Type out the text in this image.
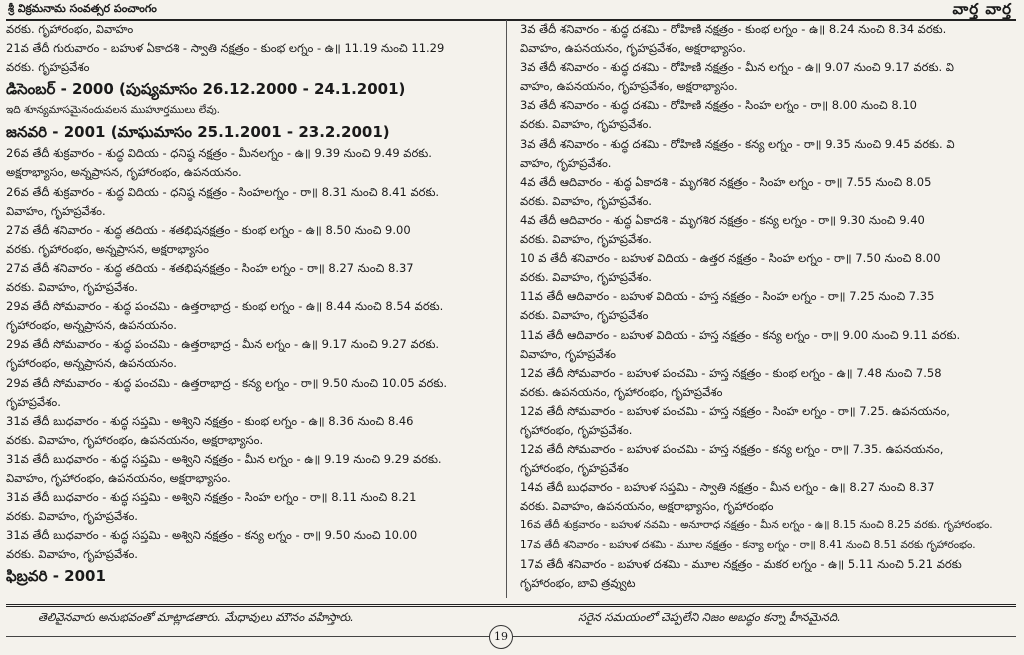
శ్రీ విక్రమనామ సంవత్సర పంచాంగం	వార్త వార్త
వరకు. గృహారంభం, వివాహం
21వ తేదీ గురువారం - బహుళ ఏకాదశి - స్వాతి నక్షత్రం - కుంభ లగ్నం - ఉ॥ 11.19 నుంచి 11.29
వరకు. గృహప్రవేశం
డిసెంబర్ - 2000 (పుష్యమాసం 26.12.2000 - 24.1.2001)
ఇది శూన్యమాసమైనందువలన ముహూర్తములు లేవు.
జనవరి - 2001 (మాఘమాసం 25.1.2001 - 23.2.2001)
26వ తేదీ శుక్రవారం - శుద్ధ విదియ - ధనిష్ఠ నక్షత్రం - మీనలగ్నం - ఉ॥ 9.39 నుంచి 9.49 వరకు.
అక్షరాభ్యాసం, అన్నప్రాసన, గృహారంభం, ఉపనయనం.
26వ తేదీ శుక్రవారం - శుద్ధ విదియ - ధనిష్ఠ నక్షత్రం - సింహలగ్నం - రా॥ 8.31 నుంచి 8.41 వరకు.
వివాహం, గృహప్రవేశం.
27వ తేదీ శనివారం - శుద్ధ తదియ - శతభిషనక్షత్రం - కుంభ లగ్నం - ఉ॥ 8.50 నుంచి 9.00
వరకు. గృహారంభం, అన్నప్రాసన, అక్షరాభ్యాసం
27వ తేదీ శనివారం - శుద్ధ తదియ - శతభిషనక్షత్రం - సింహ లగ్నం - రా॥ 8.27 నుంచి 8.37
వరకు. వివాహం, గృహప్రవేశం.
29వ తేదీ సోమవారం - శుద్ధ పంచమి - ఉత్తరాభాద్ర - కుంభ లగ్నం - ఉ॥ 8.44 నుంచి 8.54 వరకు.
గృహారంభం, అన్నప్రాసన, ఉపనయనం.
29వ తేదీ సోమవారం - శుద్ధ పంచమి - ఉత్తరాభాద్ర - మీన లగ్నం - ఉ॥ 9.17 నుంచి 9.27 వరకు.
గృహారంభం, అన్నప్రాసన, ఉపనయనం.
29వ తేదీ సోమవారం - శుద్ధ పంచమి - ఉత్తరాభాద్ర - కన్య లగ్నం - రా॥ 9.50 నుంచి 10.05 వరకు.
గృహప్రవేశం.
31వ తేదీ బుధవారం - శుద్ధ సప్తమి - అశ్విని నక్షత్రం - కుంభ లగ్నం - ఉ॥ 8.36 నుంచి 8.46
వరకు. వివాహం, గృహారంభం, ఉపనయనం, అక్షరాభ్యాసం.
31వ తేదీ బుధవారం - శుద్ధ సప్తమి - అశ్విని నక్షత్రం - మీన లగ్నం - ఉ॥ 9.19 నుంచి 9.29 వరకు.
వివాహం, గృహారంభం, ఉపనయనం, అక్షరాభ్యాసం.
31వ తేదీ బుధవారం - శుద్ధ సప్తమి - అశ్విని నక్షత్రం - సింహ లగ్నం - రా॥ 8.11 నుంచి 8.21
వరకు. వివాహం, గృహప్రవేశం.
31వ తేదీ బుధవారం - శుద్ధ సప్తమి - అశ్విని నక్షత్రం - కన్య లగ్నం - రా॥ 9.50 నుంచి 10.00
వరకు. వివాహం, గృహప్రవేశం.
ఫిబ్రవరి - 2001
3వ తేదీ శనివారం - శుద్ధ దశమి - రోహిణి నక్షత్రం - కుంభ లగ్నం - ఉ॥ 8.24 నుంచి 8.34 వరకు.
వివాహం, ఉపనయనం, గృహప్రవేశం, అక్షరాభ్యాసం.
3వ తేదీ శనివారం - శుద్ధ దశమి - రోహిణి నక్షత్రం - మీన లగ్నం - ఉ॥ 9.07 నుంచి 9.17 వరకు. వి
వాహం, ఉపనయనం, గృహప్రవేశం, అక్షరాభ్యాసం.
3వ తేదీ శనివారం - శుద్ధ దశమి - రోహిణి నక్షత్రం - సింహ లగ్నం - రా॥ 8.00 నుంచి 8.10
వరకు. వివాహం, గృహప్రవేశం.
3వ తేదీ శనివారం - శుద్ధ దశమి - రోహిణి నక్షత్రం - కన్య లగ్నం - రా॥ 9.35 నుంచి 9.45 వరకు. వి
వాహం, గృహప్రవేశం.
4వ తేదీ ఆదివారం - శుద్ధ ఏకాదశి - మృగశిర నక్షత్రం - సింహ లగ్నం - రా॥ 7.55 నుంచి 8.05
వరకు. వివాహం, గృహప్రవేశం.
4వ తేదీ ఆదివారం - శుద్ధ ఏకాదశి - మృగశిర నక్షత్రం - కన్య లగ్నం - రా॥ 9.30 నుంచి 9.40
వరకు. వివాహం, గృహప్రవేశం.
10 వ తేదీ శనివారం - బహుళ విదియ - ఉత్తర నక్షత్రం - సింహ లగ్నం - రా॥ 7.50 నుంచి 8.00
వరకు. వివాహం, గృహప్రవేశం.
11వ తేదీ ఆదివారం - బహుళ విదియ - హస్త నక్షత్రం - సింహ లగ్నం - రా॥ 7.25 నుంచి 7.35
వరకు. వివాహం, గృహప్రవేశం
11వ తేదీ ఆదివారం - బహుళ విదియ - హస్త నక్షత్రం - కన్య లగ్నం - రా॥ 9.00 నుంచి 9.11 వరకు.
వివాహం, గృహప్రవేశం
12వ తేదీ సోమవారం - బహుళ పంచమి - హస్త నక్షత్రం - కుంభ లగ్నం - ఉ॥ 7.48 నుంచి 7.58
వరకు. ఉపనయనం, గృహారంభం, గృహప్రవేశం
12వ తేదీ సోమవారం - బహుళ పంచమి - హస్త నక్షత్రం - సింహ లగ్నం - రా॥ 7.25. ఉపనయనం,
గృహారంభం, గృహప్రవేశం.
12వ తేదీ సోమవారం - బహుళ పంచమి - హస్త నక్షత్రం - కన్య లగ్నం - రా॥ 7.35. ఉపనయనం,
గృహారంభం, గృహప్రవేశం
14వ తేదీ బుధవారం - బహుళ సప్తమి - స్వాతి నక్షత్రం - మీన లగ్నం - ఉ॥ 8.27 నుంచి 8.37
వరకు. వివాహం, ఉపనయనం, అక్షరాభ్యాసం, గృహారంభం
16వ తేదీ శుక్రవారం - బహుళ నవమి - అనూరాధ నక్షత్రం - మీన లగ్నం - ఉ॥ 8.15 నుంచి 8.25 వరకు. గృహారంభం.
17వ తేదీ శనివారం - బహుళ దశమి - మూల నక్షత్రం - కన్యా లగ్నం - రా॥ 8.41 నుంచి 8.51 వరకు గృహారంభం.
17వ తేదీ శనివారం - బహుళ దశమి - మూల నక్షత్రం - మకర లగ్నం - ఉ॥ 5.11 నుంచి 5.21 వరకు
గృహారంభం, బావి త్రవ్వుట
తెలివైనవారు అనుభవంతో మాట్లాడతారు. మేధావులు మౌనం వహిస్తారు.	సరైన సమయంలో చెప్పలేని నిజం అబద్ధం కన్నా హీనమైనది.
19
